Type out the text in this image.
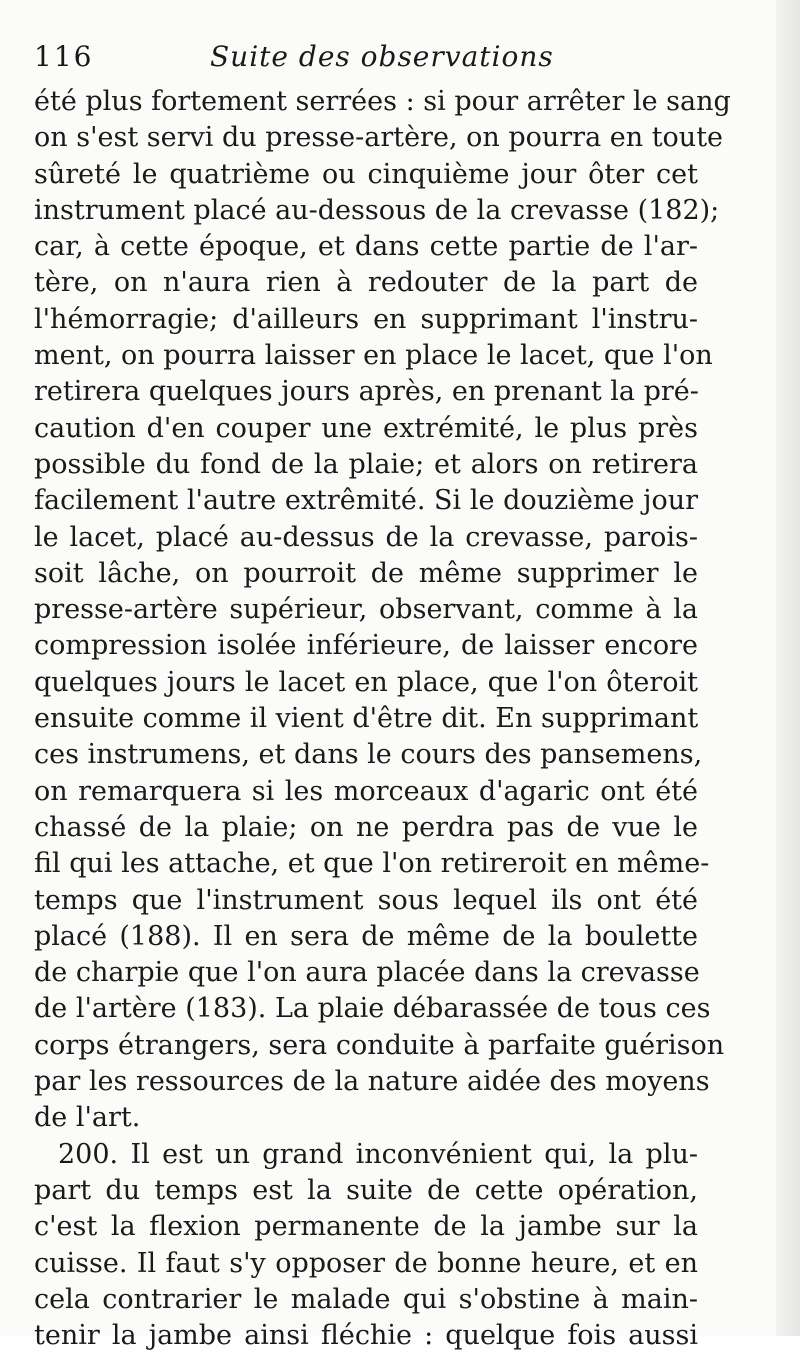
116	Suite des observations
été plus fortement serrées : si pour arrêter le sang
on s'est servi du presse-artère, on pourra en toute
sûreté le quatrième ou cinquième jour ôter cet
instrument placé au-dessous de la crevasse (182);
car, à cette époque, et dans cette partie de l'ar-
tère, on n'aura rien à redouter de la part de
l'hémorragie; d'ailleurs en supprimant l'instru-
ment, on pourra laisser en place le lacet, que l'on
retirera quelques jours après, en prenant la pré-
caution d'en couper une extrémité, le plus près
possible du fond de la plaie; et alors on retirera
facilement l'autre extrêmité. Si le douzième jour
le lacet, placé au-dessus de la crevasse, parois-
soit lâche, on pourroit de même supprimer le
presse-artère supérieur, observant, comme à la
compression isolée inférieure, de laisser encore
quelques jours le lacet en place, que l'on ôteroit
ensuite comme il vient d'être dit. En supprimant
ces instrumens, et dans le cours des pansemens,
on remarquera si les morceaux d'agaric ont été
chassé de la plaie; on ne perdra pas de vue le
fil qui les attache, et que l'on retireroit en même-
temps que l'instrument sous lequel ils ont été
placé (188). Il en sera de même de la boulette
de charpie que l'on aura placée dans la crevasse
de l'artère (183). La plaie débarassée de tous ces
corps étrangers, sera conduite à parfaite guérison
par les ressources de la nature aidée des moyens
de l'art.
200. Il est un grand inconvénient qui, la plu-
part du temps est la suite de cette opération,
c'est la flexion permanente de la jambe sur la
cuisse. Il faut s'y opposer de bonne heure, et en
cela contrarier le malade qui s'obstine à main-
tenir la jambe ainsi fléchie : quelque fois aussi
